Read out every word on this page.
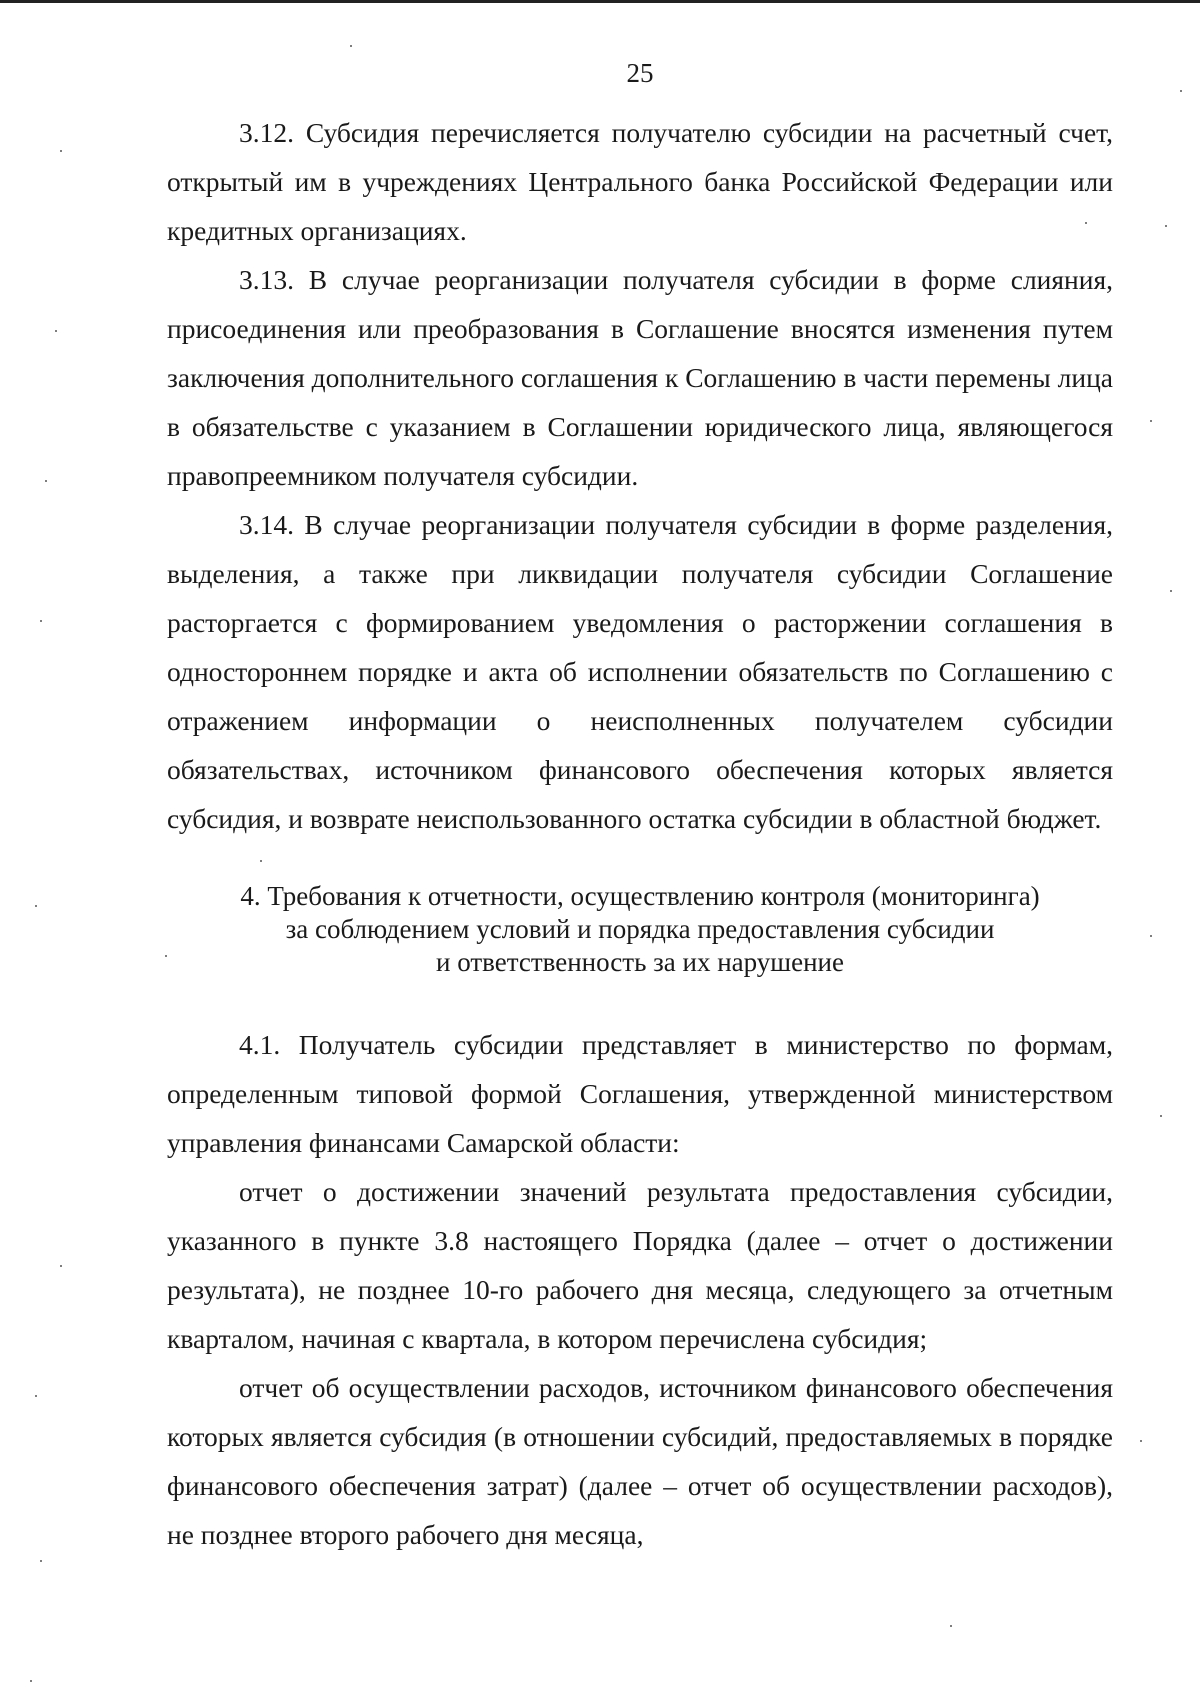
25

3.12. Субсидия перечисляется получателю субсидии на расчетный счет, открытый им в учреждениях Центрального банка Российской Федерации или кредитных организациях.

3.13. В случае реорганизации получателя субсидии в форме слияния, присоединения или преобразования в Соглашение вносятся изменения путем заключения дополнительного соглашения к Соглашению в части перемены лица в обязательстве с указанием в Соглашении юридического лица, являющегося правопреемником получателя субсидии.

3.14. В случае реорганизации получателя субсидии в форме разделения, выделения, а также при ликвидации получателя субсидии Соглашение расторгается с формированием уведомления о расторжении соглашения в одностороннем порядке и акта об исполнении обязательств по Соглашению с отражением информации о неисполненных получателем субсидии обязательствах, источником финансового обеспечения которых является субсидия, и возврате неиспользованного остатка субсидии в областной бюджет.

4. Требования к отчетности, осуществлению контроля (мониторинга)
за соблюдением условий и порядка предоставления субсидии
и ответственность за их нарушение

4.1. Получатель субсидии представляет в министерство по формам, определенным типовой формой Соглашения, утвержденной министерством управления финансами Самарской области:

отчет о достижении значений результата предоставления субсидии, указанного в пункте 3.8 настоящего Порядка (далее – отчет о достижении результата), не позднее 10-го рабочего дня месяца, следующего за отчетным кварталом, начиная с квартала, в котором перечислена субсидия;

отчет об осуществлении расходов, источником финансового обеспечения которых является субсидия (в отношении субсидий, предоставляемых в порядке финансового обеспечения затрат) (далее – отчет об осуществлении расходов), не позднее второго рабочего дня месяца,
